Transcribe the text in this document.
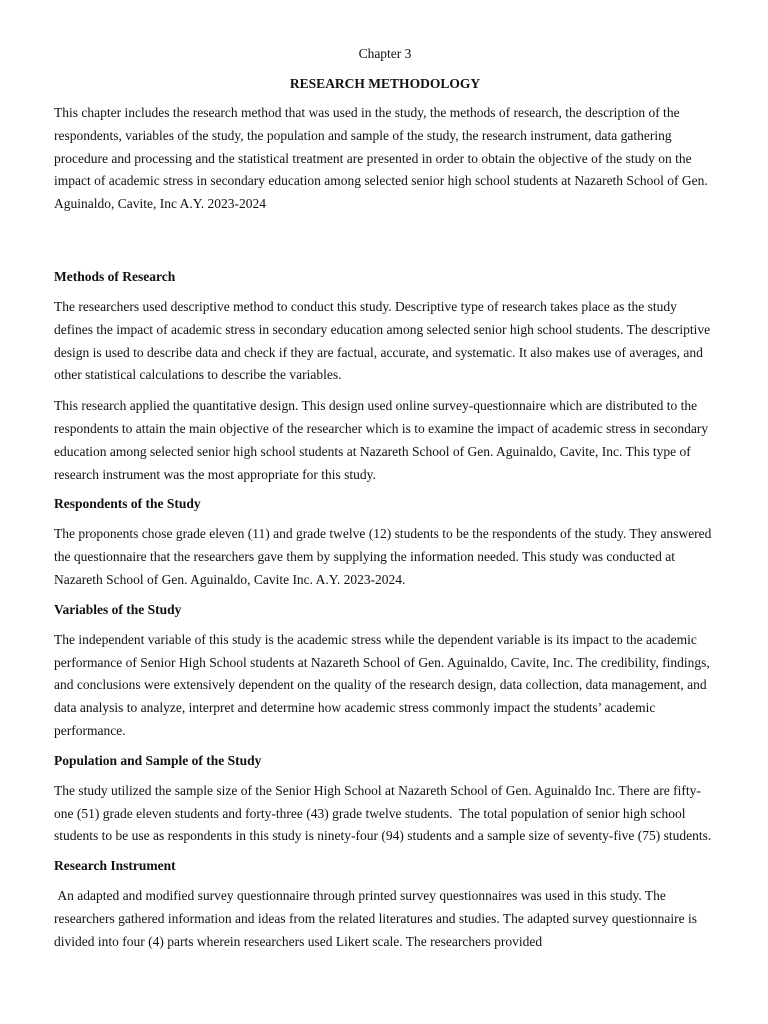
Chapter 3
RESEARCH METHODOLOGY

This chapter includes the research method that was used in the study, the methods of research, the description of the respondents, variables of the study, the population and sample of the study, the research instrument, data gathering procedure and processing and the statistical treatment are presented in order to obtain the objective of the study on the impact of academic stress in secondary education among selected senior high school students at Nazareth School of Gen. Aguinaldo, Cavite, Inc A.Y. 2023-2024

Methods of Research

The researchers used descriptive method to conduct this study. Descriptive type of research takes place as the study defines the impact of academic stress in secondary education among selected senior high school students. The descriptive design is used to describe data and check if they are factual, accurate, and systematic. It also makes use of averages, and other statistical calculations to describe the variables.

This research applied the quantitative design. This design used online survey-questionnaire which are distributed to the respondents to attain the main objective of the researcher which is to examine the impact of academic stress in secondary education among selected senior high school students at Nazareth School of Gen. Aguinaldo, Cavite, Inc. This type of research instrument was the most appropriate for this study.

Respondents of the Study

The proponents chose grade eleven (11) and grade twelve (12) students to be the respondents of the study. They answered the questionnaire that the researchers gave them by supplying the information needed. This study was conducted at Nazareth School of Gen. Aguinaldo, Cavite Inc. A.Y. 2023-2024.

Variables of the Study

The independent variable of this study is the academic stress while the dependent variable is its impact to the academic performance of Senior High School students at Nazareth School of Gen. Aguinaldo, Cavite, Inc. The credibility, findings, and conclusions were extensively dependent on the quality of the research design, data collection, data management, and data analysis to analyze, interpret and determine how academic stress commonly impact the students’ academic performance.

Population and Sample of the Study

The study utilized the sample size of the Senior High School at Nazareth School of Gen. Aguinaldo Inc. There are fifty-one (51) grade eleven students and forty-three (43) grade twelve students.  The total population of senior high school students to be use as respondents in this study is ninety-four (94) students and a sample size of seventy-five (75) students.

Research Instrument

An adapted and modified survey questionnaire through printed survey questionnaires was used in this study. The researchers gathered information and ideas from the related literatures and studies. The adapted survey questionnaire is divided into four (4) parts wherein researchers used Likert scale. The researchers provided
